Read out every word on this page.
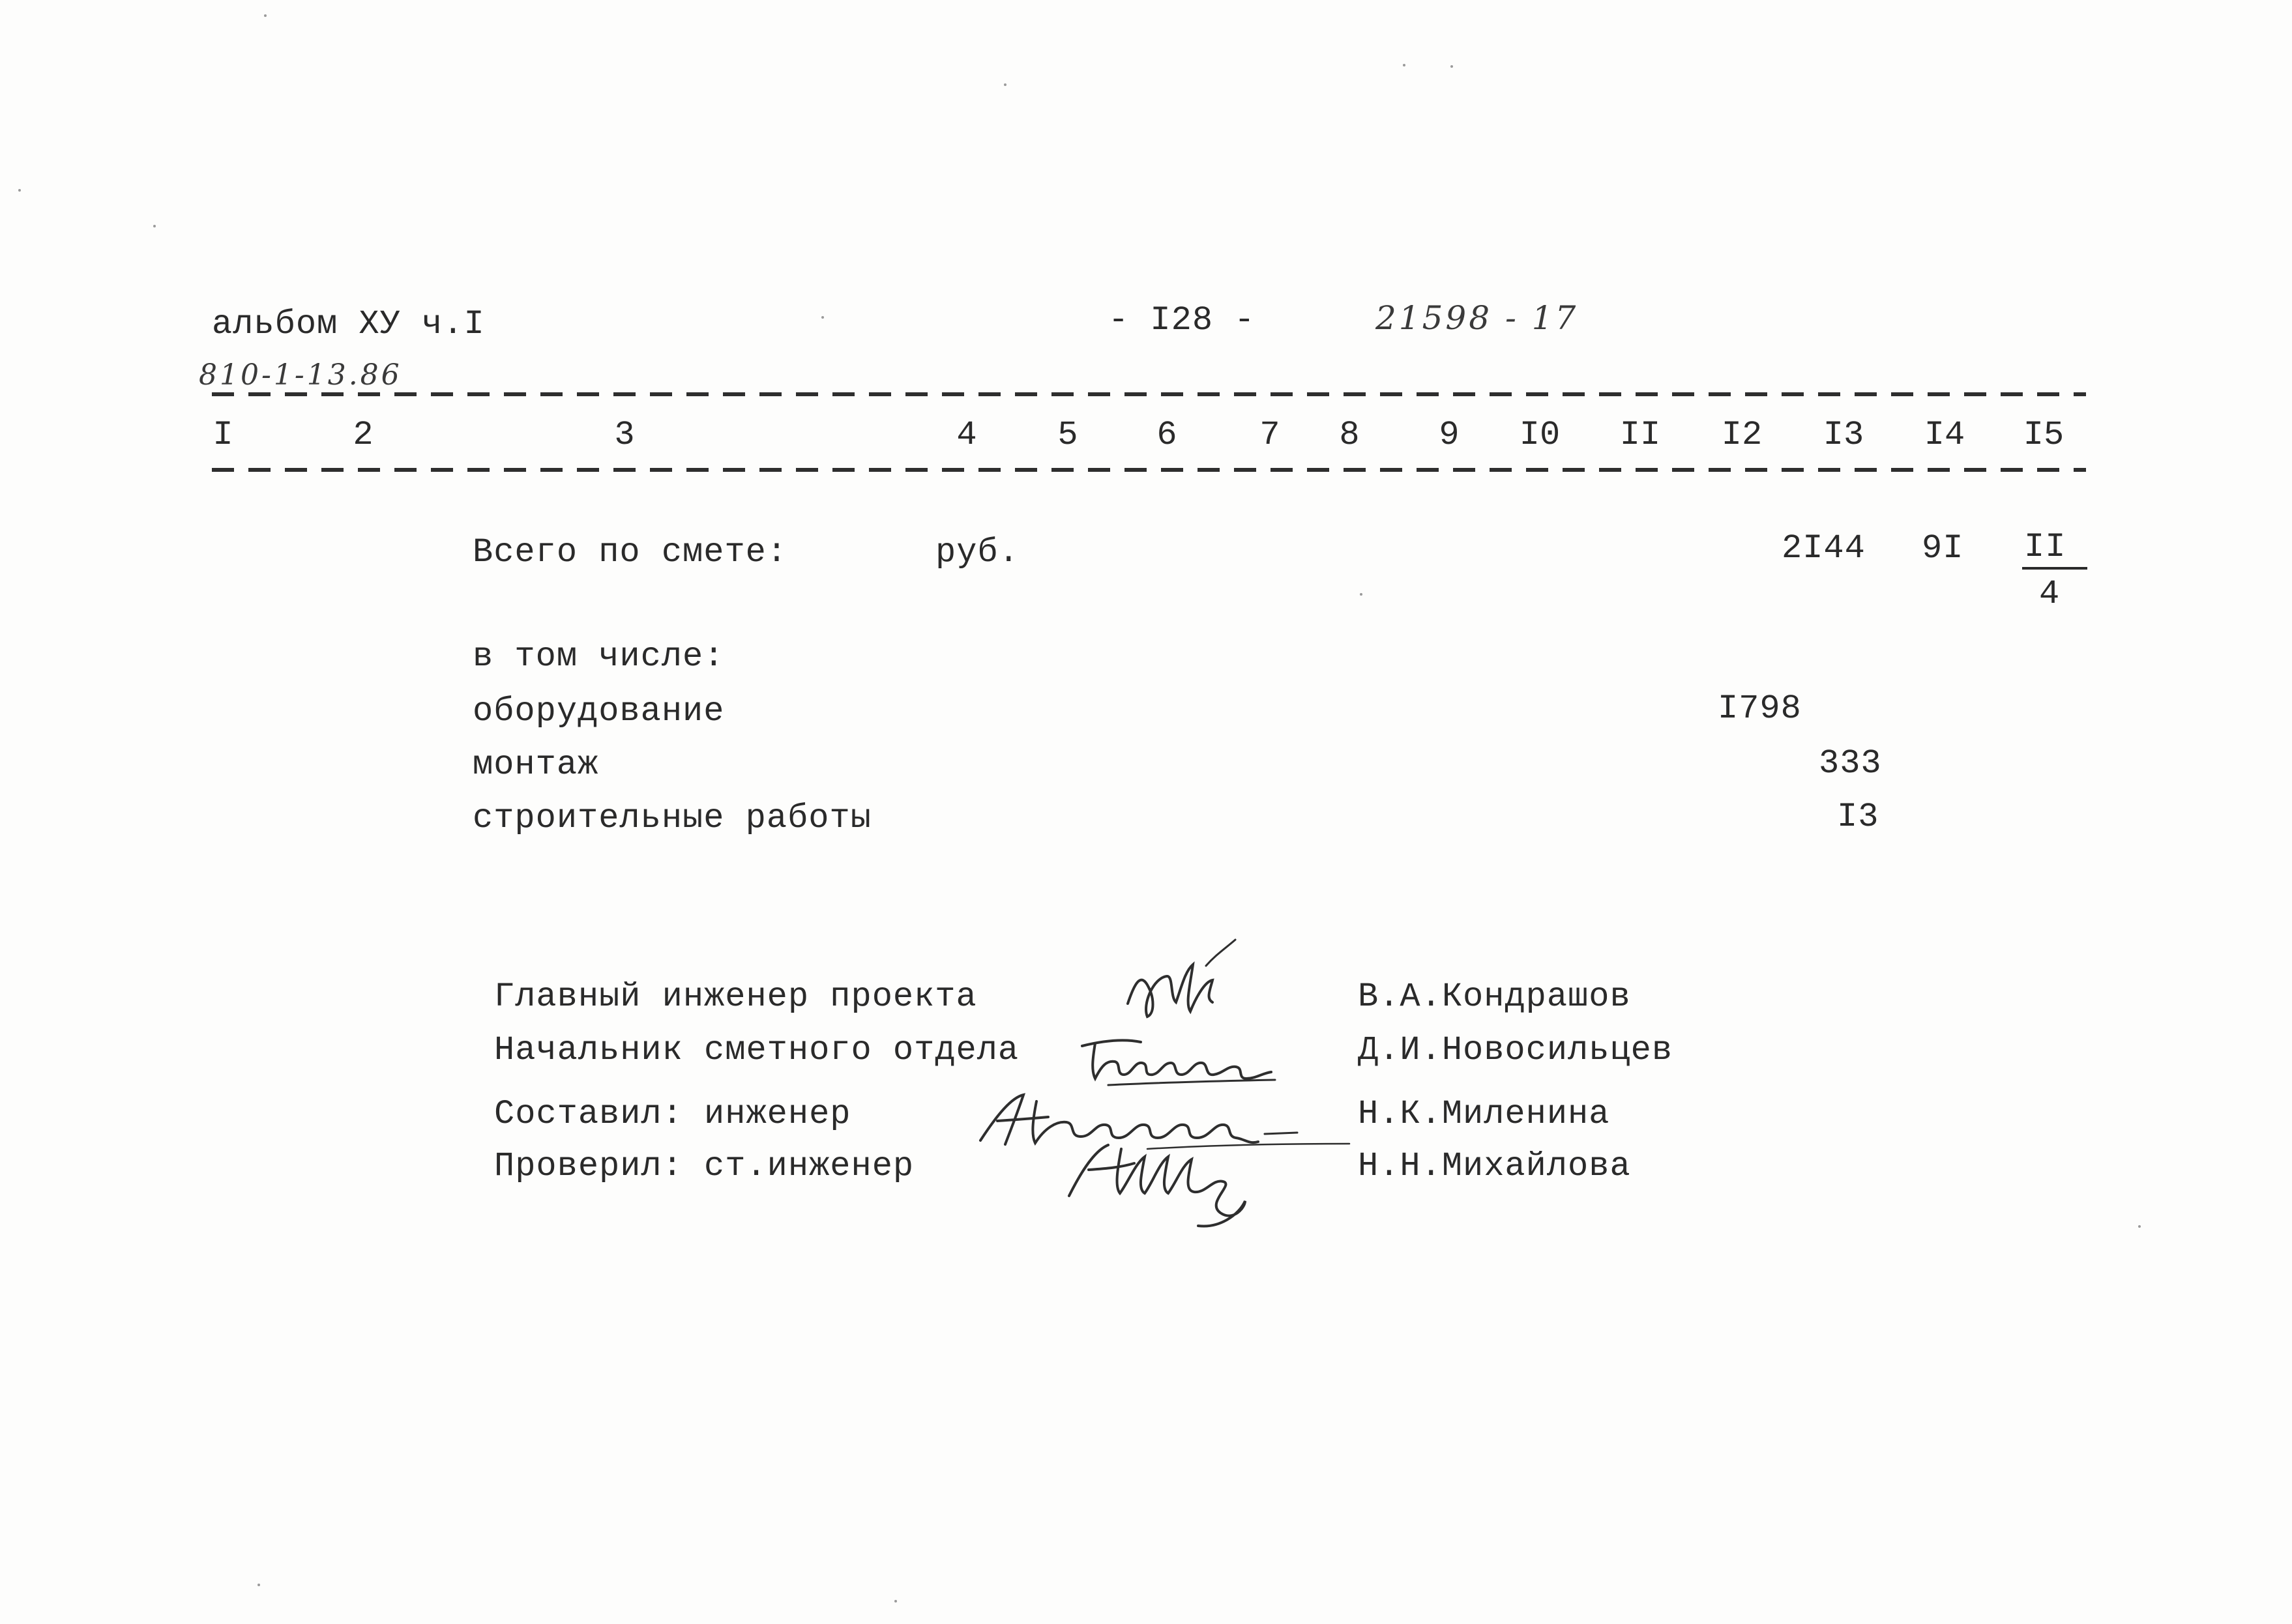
альбом ХУ ч.I	- I28 -	21598 - 17
810-1-13.86
I	2	3	4 5 6 7 8 9 I0 II I2 I3 I4 I5
Всего по смете:	руб.	2I44 9I II
4
в том числе:
оборудование	I798
монтаж	333
строительные работы	I3
Главный инженер проекта	В.А.Кондрашов
Начальник сметного отдела	Д.И.Новосильцев
Составил: инженер	Н.К.Миленина
Проверил: ст.инженер	Н.Н.Михайлова
